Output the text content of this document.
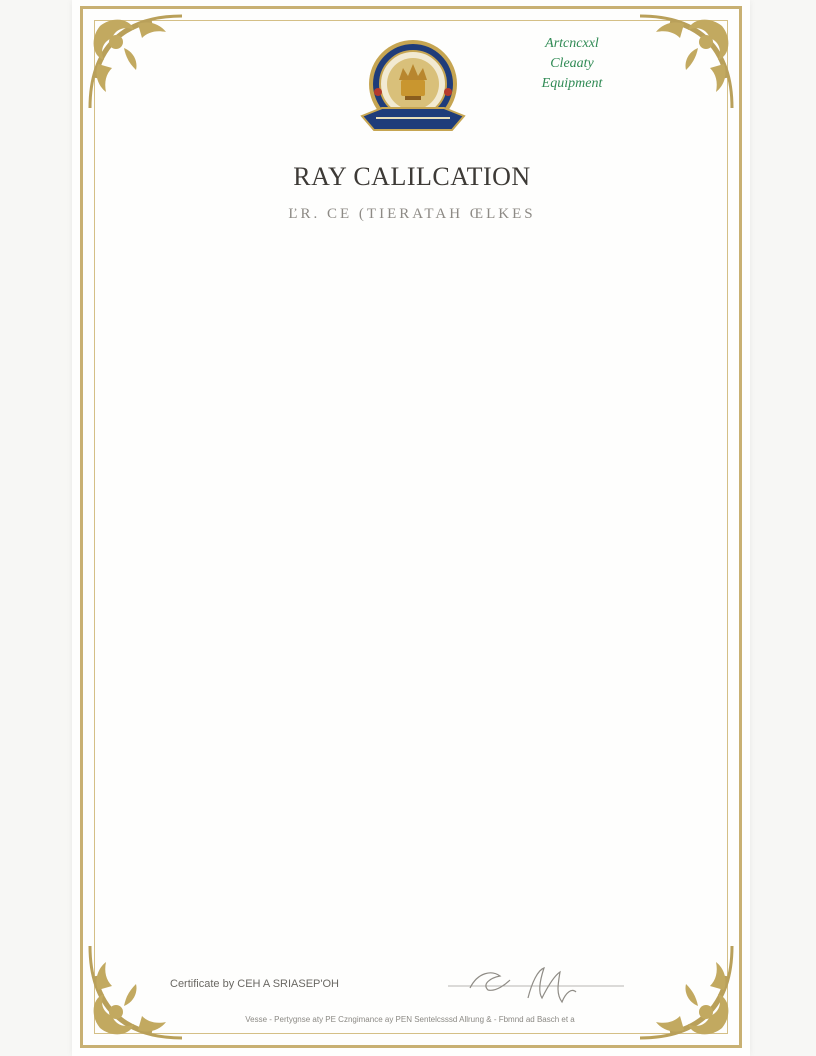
Artcncxxl
Cleaaty
Equipment
RAY CALILCATION
ĽR. CE (TIERATAH ŒLKES
Certificate by CEH A SRIASEP'OH
Vesse - Pertygnse aty PE Czngimance ay PEN Sentelcsssd Allrung & - Fbmnd ad Basch et a
